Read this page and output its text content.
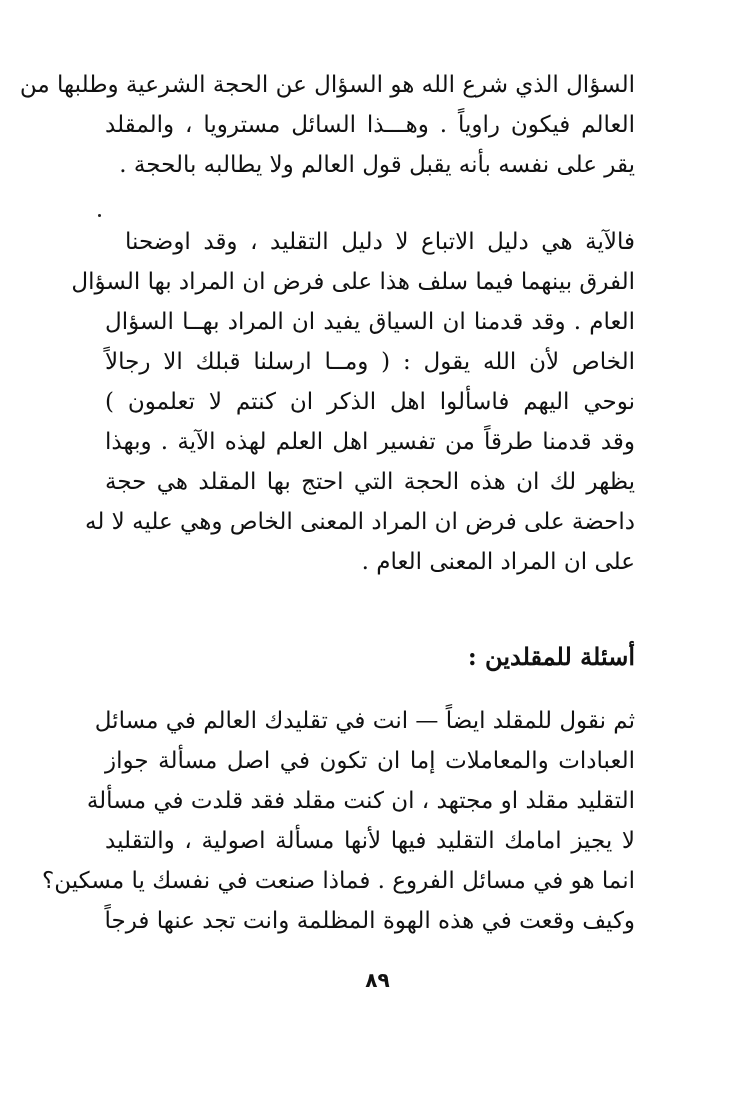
السؤال الذي شرع الله هو السؤال عن الحجة الشرعية وطلبها من
العالم فيكون راوياً . وهـــذا السائل مسترويا ، والمقلد
يقر على نفسه بأنه يقبل قول العالم ولا يطالبه بالحجة .
فالآية هي دليل الاتباع لا دليل التقليد ، وقد اوضحنا
الفرق بينهما فيما سلف هذا على فرض ان المراد بها السؤال
العام . وقد قدمنا ان السياق يفيد ان المراد بهــا السؤال
الخاص لأن الله يقول : ( ومــا ارسلنا قبلك الا رجالاً
نوحي اليهم فاسألوا اهل الذكر ان كنتم لا تعلمون )
وقد قدمنا طرقاً من تفسير اهل العلم لهذه الآية . وبهذا
يظهر لك ان هذه الحجة التي احتج بها المقلد هي حجة
داحضة على فرض ان المراد المعنى الخاص وهي عليه لا له
على ان المراد المعنى العام .
أسئلة للمقلدين :
ثم نقول للمقلد ايضاً — انت في تقليدك العالم في مسائل
العبادات والمعاملات إما ان تكون في اصل مسألة جواز
التقليد مقلد او مجتهد ، ان كنت مقلد فقد قلدت في مسألة
لا يجيز امامك التقليد فيها لأنها مسألة اصولية ، والتقليد
انما هو في مسائل الفروع . فماذا صنعت في نفسك يا مسكين؟
وكيف وقعت في هذه الهوة المظلمة وانت تجد عنها فرجاً
٨٩
